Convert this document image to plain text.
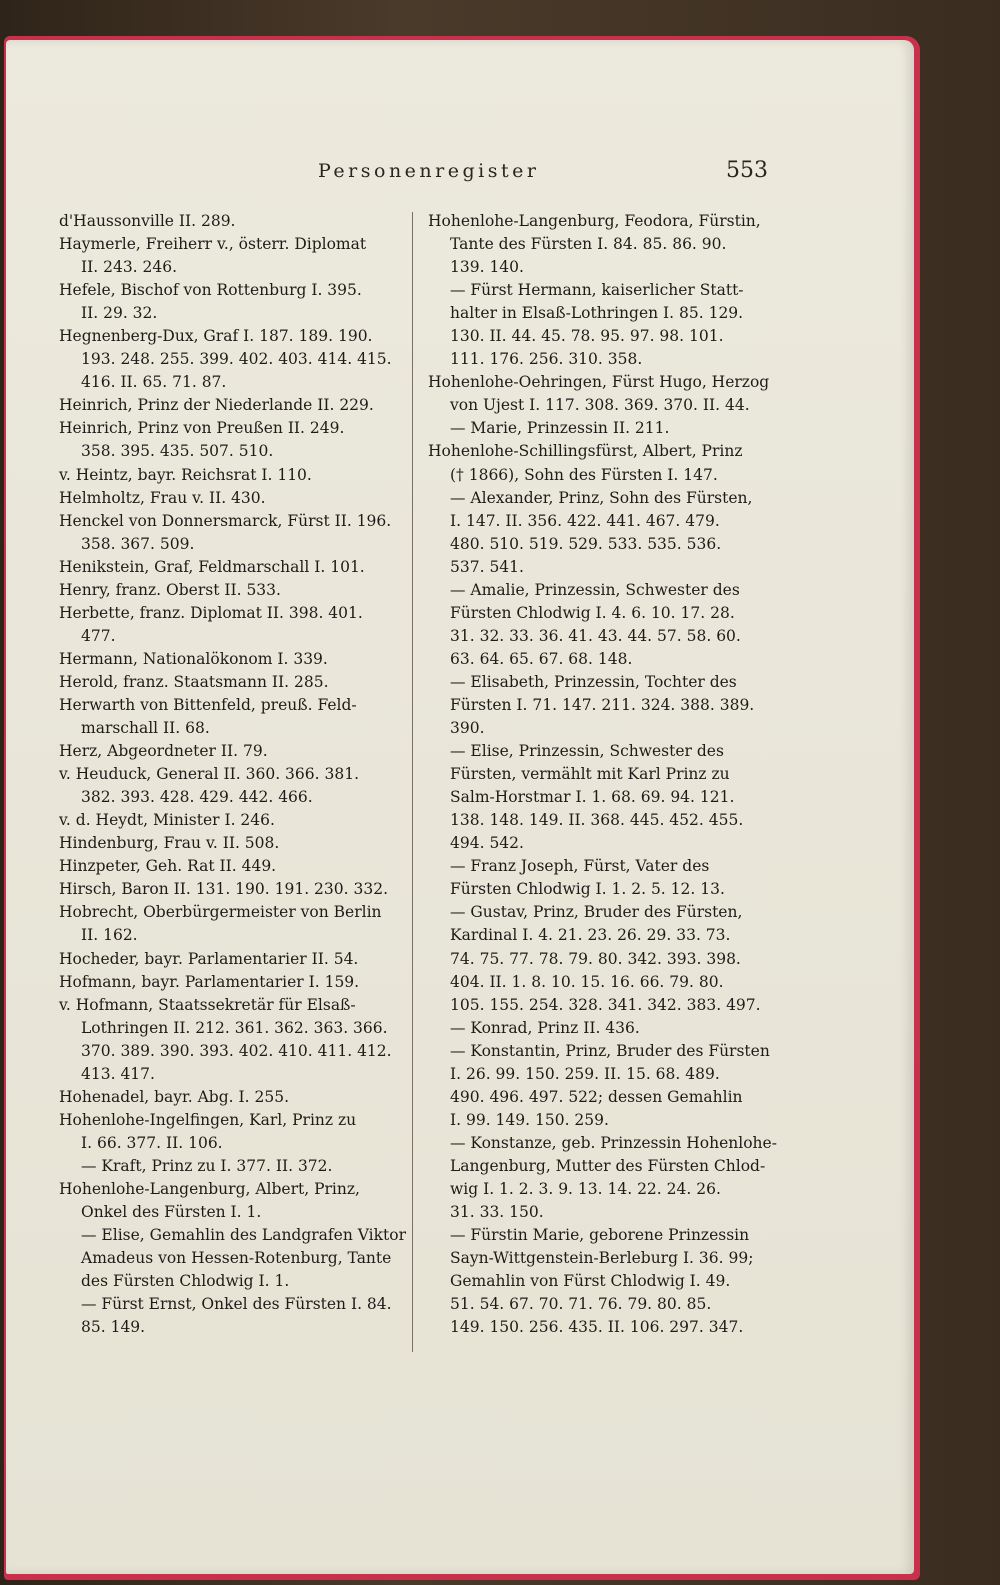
Personenregister	553
d'Haussonville II. 289.
Haymerle, Freiherr v., österr. Diplomat
II. 243. 246.
Hefele, Bischof von Rottenburg I. 395.
II. 29. 32.
Hegnenberg-Dux, Graf I. 187. 189. 190.
193. 248. 255. 399. 402. 403. 414. 415.
416. II. 65. 71. 87.
Heinrich, Prinz der Niederlande II. 229.
Heinrich, Prinz von Preußen II. 249.
358. 395. 435. 507. 510.
v. Heintz, bayr. Reichsrat I. 110.
Helmholtz, Frau v. II. 430.
Henckel von Donnersmarck, Fürst II. 196.
358. 367. 509.
Henikstein, Graf, Feldmarschall I. 101.
Henry, franz. Oberst II. 533.
Herbette, franz. Diplomat II. 398. 401.
477.
Hermann, Nationalökonom I. 339.
Herold, franz. Staatsmann II. 285.
Herwarth von Bittenfeld, preuß. Feld-
marschall II. 68.
Herz, Abgeordneter II. 79.
v. Heuduck, General II. 360. 366. 381.
382. 393. 428. 429. 442. 466.
v. d. Heydt, Minister I. 246.
Hindenburg, Frau v. II. 508.
Hinzpeter, Geh. Rat II. 449.
Hirsch, Baron II. 131. 190. 191. 230. 332.
Hobrecht, Oberbürgermeister von Berlin
II. 162.
Hocheder, bayr. Parlamentarier II. 54.
Hofmann, bayr. Parlamentarier I. 159.
v. Hofmann, Staatssekretär für Elsaß-
Lothringen II. 212. 361. 362. 363. 366.
370. 389. 390. 393. 402. 410. 411. 412.
413. 417.
Hohenadel, bayr. Abg. I. 255.
Hohenlohe-Ingelfingen, Karl, Prinz zu
I. 66. 377. II. 106.
— Kraft, Prinz zu I. 377. II. 372.
Hohenlohe-Langenburg, Albert, Prinz,
Onkel des Fürsten I. 1.
— Elise, Gemahlin des Landgrafen Viktor
Amadeus von Hessen-Rotenburg, Tante
des Fürsten Chlodwig I. 1.
— Fürst Ernst, Onkel des Fürsten I. 84.
85. 149.
Hohenlohe-Langenburg, Feodora, Fürstin,
Tante des Fürsten I. 84. 85. 86. 90.
139. 140.
— Fürst Hermann, kaiserlicher Statt-
halter in Elsaß-Lothringen I. 85. 129.
130. II. 44. 45. 78. 95. 97. 98. 101.
111. 176. 256. 310. 358.
Hohenlohe-Oehringen, Fürst Hugo, Herzog
von Ujest I. 117. 308. 369. 370. II. 44.
— Marie, Prinzessin II. 211.
Hohenlohe-Schillingsfürst, Albert, Prinz
(† 1866), Sohn des Fürsten I. 147.
— Alexander, Prinz, Sohn des Fürsten,
I. 147. II. 356. 422. 441. 467. 479.
480. 510. 519. 529. 533. 535. 536.
537. 541.
— Amalie, Prinzessin, Schwester des
Fürsten Chlodwig I. 4. 6. 10. 17. 28.
31. 32. 33. 36. 41. 43. 44. 57. 58. 60.
63. 64. 65. 67. 68. 148.
— Elisabeth, Prinzessin, Tochter des
Fürsten I. 71. 147. 211. 324. 388. 389.
390.
— Elise, Prinzessin, Schwester des
Fürsten, vermählt mit Karl Prinz zu
Salm-Horstmar I. 1. 68. 69. 94. 121.
138. 148. 149. II. 368. 445. 452. 455.
494. 542.
— Franz Joseph, Fürst, Vater des
Fürsten Chlodwig I. 1. 2. 5. 12. 13.
— Gustav, Prinz, Bruder des Fürsten,
Kardinal I. 4. 21. 23. 26. 29. 33. 73.
74. 75. 77. 78. 79. 80. 342. 393. 398.
404. II. 1. 8. 10. 15. 16. 66. 79. 80.
105. 155. 254. 328. 341. 342. 383. 497.
— Konrad, Prinz II. 436.
— Konstantin, Prinz, Bruder des Fürsten
I. 26. 99. 150. 259. II. 15. 68. 489.
490. 496. 497. 522; dessen Gemahlin
I. 99. 149. 150. 259.
— Konstanze, geb. Prinzessin Hohenlohe-
Langenburg, Mutter des Fürsten Chlod-
wig I. 1. 2. 3. 9. 13. 14. 22. 24. 26.
31. 33. 150.
— Fürstin Marie, geborene Prinzessin
Sayn-Wittgenstein-Berleburg I. 36. 99;
Gemahlin von Fürst Chlodwig I. 49.
51. 54. 67. 70. 71. 76. 79. 80. 85.
149. 150. 256. 435. II. 106. 297. 347.
